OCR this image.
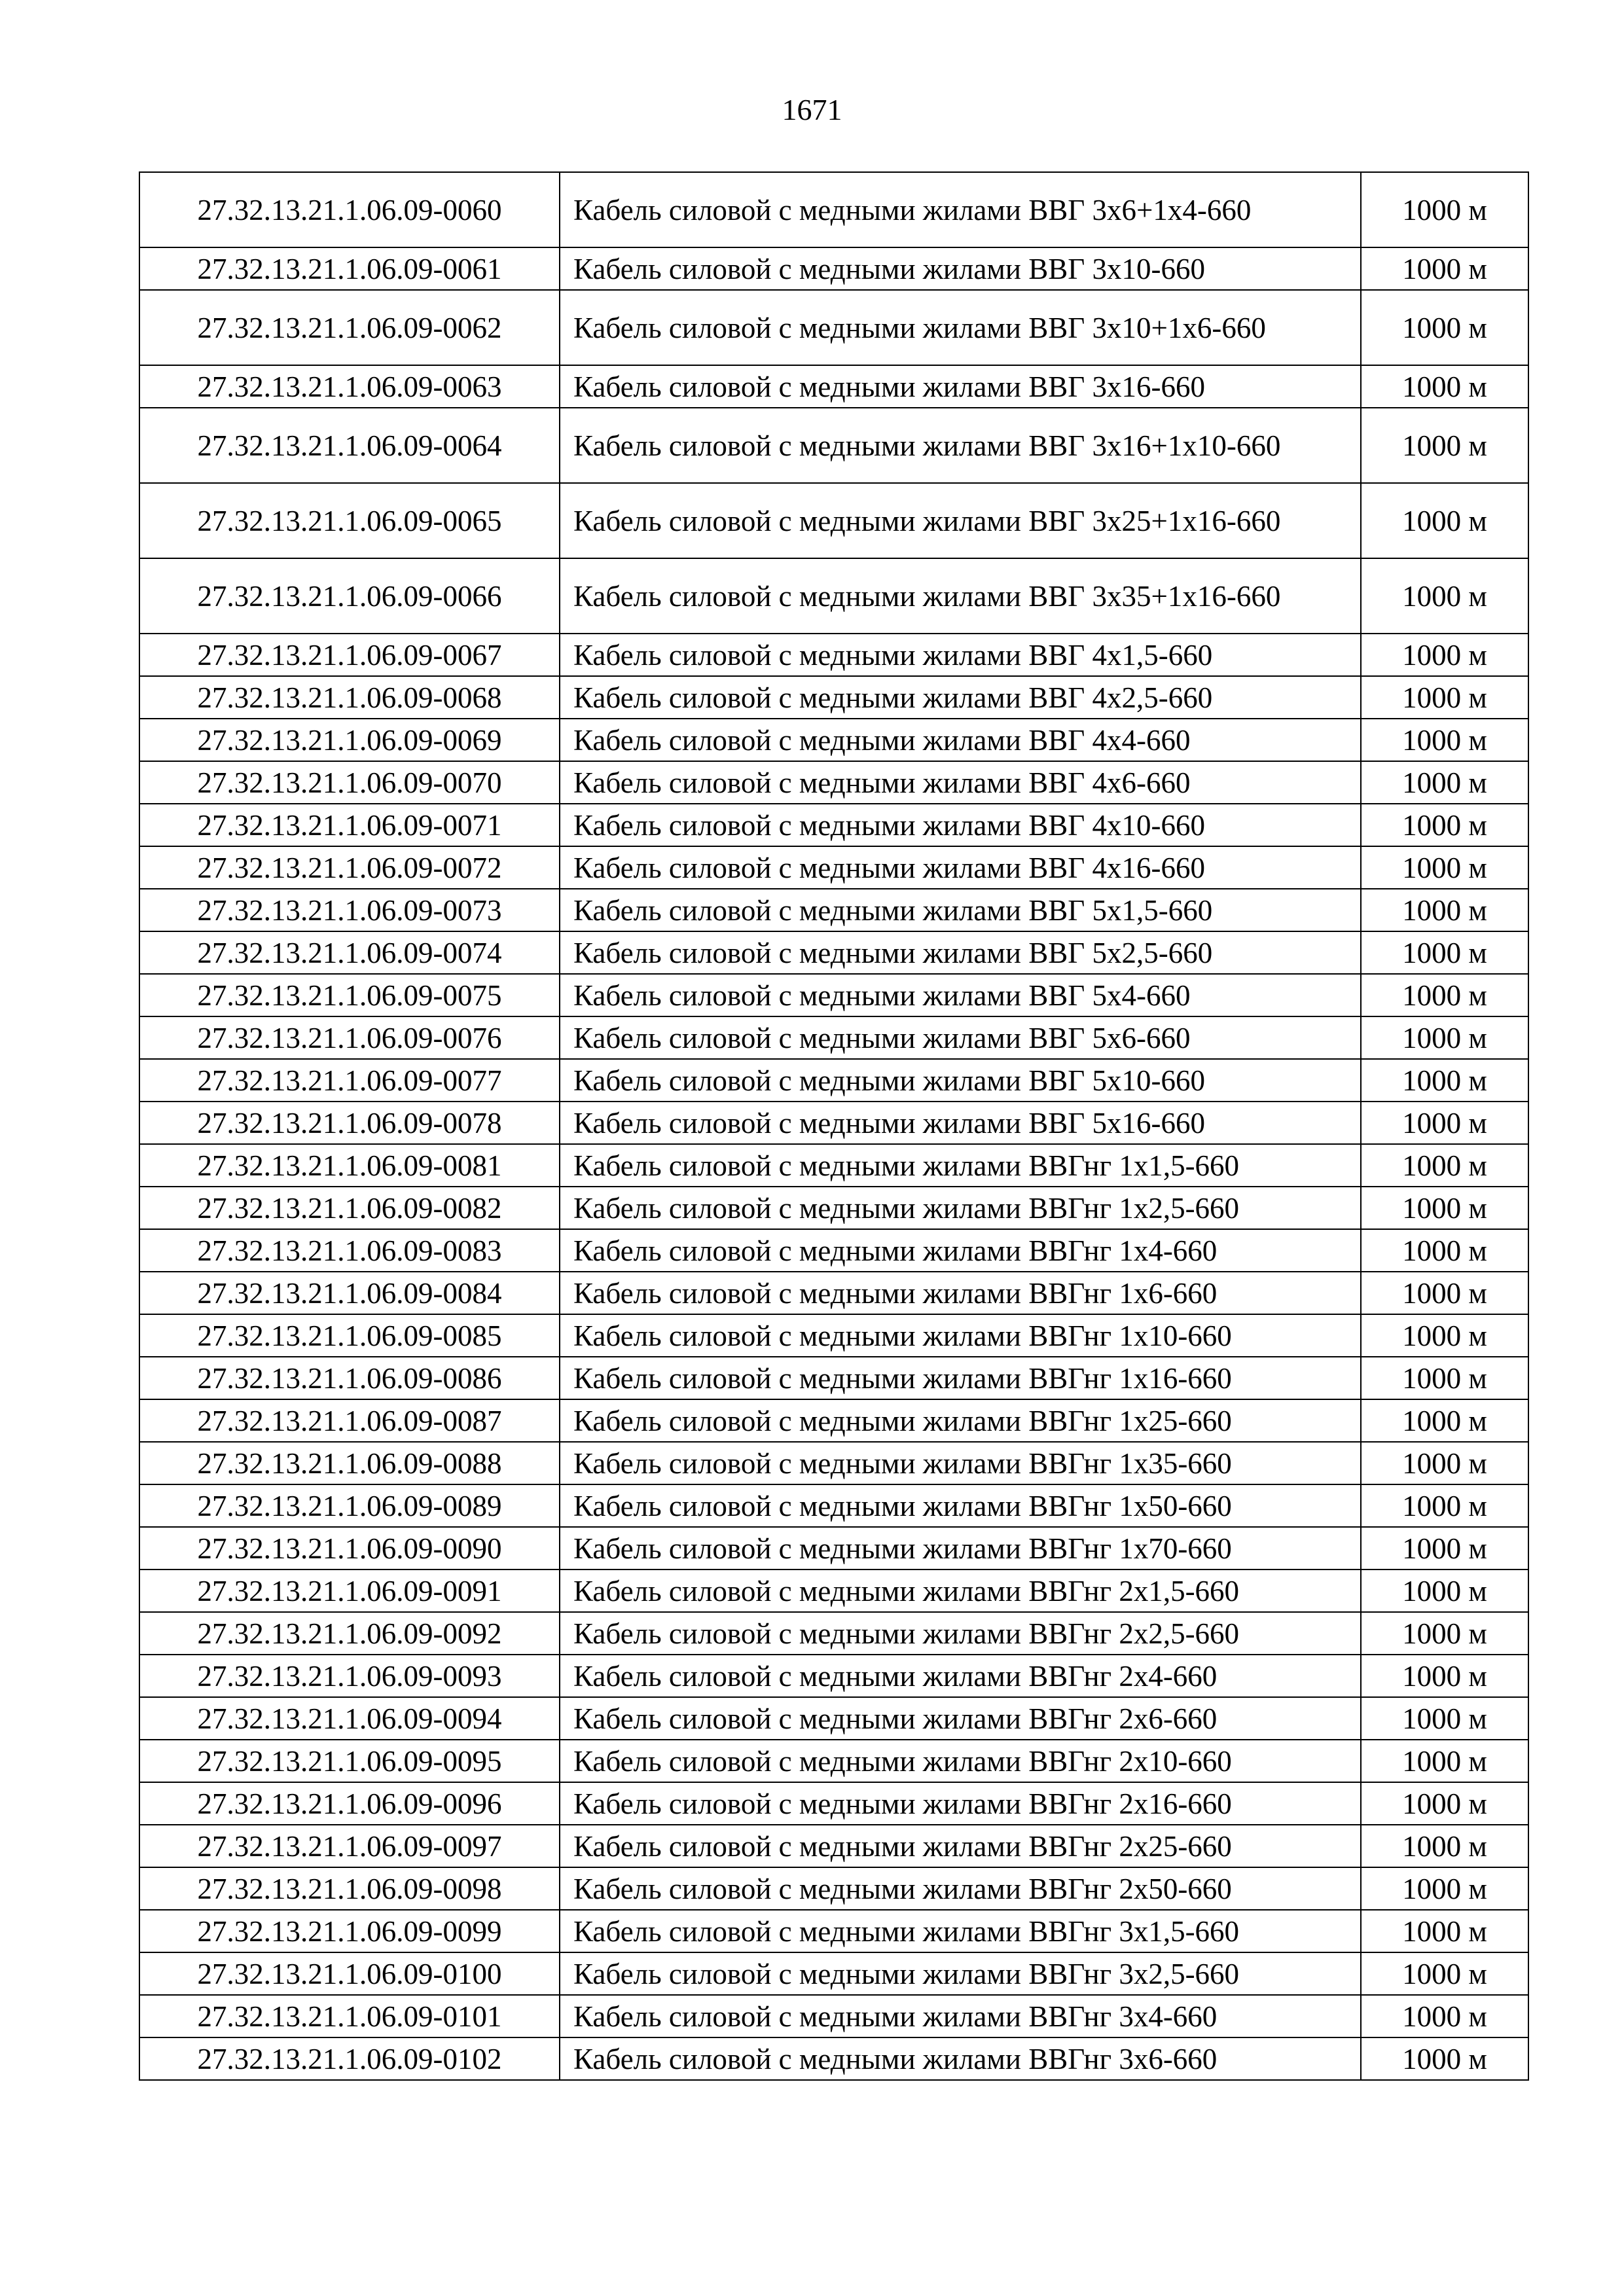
1671
27.32.13.21.1.06.09-0060	Кабель силовой с медными жилами ВВГ 3х6+1х4-660	1000 м
27.32.13.21.1.06.09-0061	Кабель силовой с медными жилами ВВГ 3х10-660	1000 м
27.32.13.21.1.06.09-0062	Кабель силовой с медными жилами ВВГ 3х10+1х6-660	1000 м
27.32.13.21.1.06.09-0063	Кабель силовой с медными жилами ВВГ 3х16-660	1000 м
27.32.13.21.1.06.09-0064	Кабель силовой с медными жилами ВВГ 3х16+1х10-660	1000 м
27.32.13.21.1.06.09-0065	Кабель силовой с медными жилами ВВГ 3х25+1х16-660	1000 м
27.32.13.21.1.06.09-0066	Кабель силовой с медными жилами ВВГ 3х35+1х16-660	1000 м
27.32.13.21.1.06.09-0067	Кабель силовой с медными жилами ВВГ 4х1,5-660	1000 м
27.32.13.21.1.06.09-0068	Кабель силовой с медными жилами ВВГ 4х2,5-660	1000 м
27.32.13.21.1.06.09-0069	Кабель силовой с медными жилами ВВГ 4х4-660	1000 м
27.32.13.21.1.06.09-0070	Кабель силовой с медными жилами ВВГ 4х6-660	1000 м
27.32.13.21.1.06.09-0071	Кабель силовой с медными жилами ВВГ 4х10-660	1000 м
27.32.13.21.1.06.09-0072	Кабель силовой с медными жилами ВВГ 4х16-660	1000 м
27.32.13.21.1.06.09-0073	Кабель силовой с медными жилами ВВГ 5х1,5-660	1000 м
27.32.13.21.1.06.09-0074	Кабель силовой с медными жилами ВВГ 5х2,5-660	1000 м
27.32.13.21.1.06.09-0075	Кабель силовой с медными жилами ВВГ 5х4-660	1000 м
27.32.13.21.1.06.09-0076	Кабель силовой с медными жилами ВВГ 5х6-660	1000 м
27.32.13.21.1.06.09-0077	Кабель силовой с медными жилами ВВГ 5х10-660	1000 м
27.32.13.21.1.06.09-0078	Кабель силовой с медными жилами ВВГ 5х16-660	1000 м
27.32.13.21.1.06.09-0081	Кабель силовой с медными жилами ВВГнг 1х1,5-660	1000 м
27.32.13.21.1.06.09-0082	Кабель силовой с медными жилами ВВГнг 1х2,5-660	1000 м
27.32.13.21.1.06.09-0083	Кабель силовой с медными жилами ВВГнг 1х4-660	1000 м
27.32.13.21.1.06.09-0084	Кабель силовой с медными жилами ВВГнг 1х6-660	1000 м
27.32.13.21.1.06.09-0085	Кабель силовой с медными жилами ВВГнг 1х10-660	1000 м
27.32.13.21.1.06.09-0086	Кабель силовой с медными жилами ВВГнг 1х16-660	1000 м
27.32.13.21.1.06.09-0087	Кабель силовой с медными жилами ВВГнг 1х25-660	1000 м
27.32.13.21.1.06.09-0088	Кабель силовой с медными жилами ВВГнг 1х35-660	1000 м
27.32.13.21.1.06.09-0089	Кабель силовой с медными жилами ВВГнг 1х50-660	1000 м
27.32.13.21.1.06.09-0090	Кабель силовой с медными жилами ВВГнг 1х70-660	1000 м
27.32.13.21.1.06.09-0091	Кабель силовой с медными жилами ВВГнг 2х1,5-660	1000 м
27.32.13.21.1.06.09-0092	Кабель силовой с медными жилами ВВГнг 2х2,5-660	1000 м
27.32.13.21.1.06.09-0093	Кабель силовой с медными жилами ВВГнг 2х4-660	1000 м
27.32.13.21.1.06.09-0094	Кабель силовой с медными жилами ВВГнг 2х6-660	1000 м
27.32.13.21.1.06.09-0095	Кабель силовой с медными жилами ВВГнг 2х10-660	1000 м
27.32.13.21.1.06.09-0096	Кабель силовой с медными жилами ВВГнг 2х16-660	1000 м
27.32.13.21.1.06.09-0097	Кабель силовой с медными жилами ВВГнг 2х25-660	1000 м
27.32.13.21.1.06.09-0098	Кабель силовой с медными жилами ВВГнг 2х50-660	1000 м
27.32.13.21.1.06.09-0099	Кабель силовой с медными жилами ВВГнг 3х1,5-660	1000 м
27.32.13.21.1.06.09-0100	Кабель силовой с медными жилами ВВГнг 3х2,5-660	1000 м
27.32.13.21.1.06.09-0101	Кабель силовой с медными жилами ВВГнг 3х4-660	1000 м
27.32.13.21.1.06.09-0102	Кабель силовой с медными жилами ВВГнг 3х6-660	1000 м
